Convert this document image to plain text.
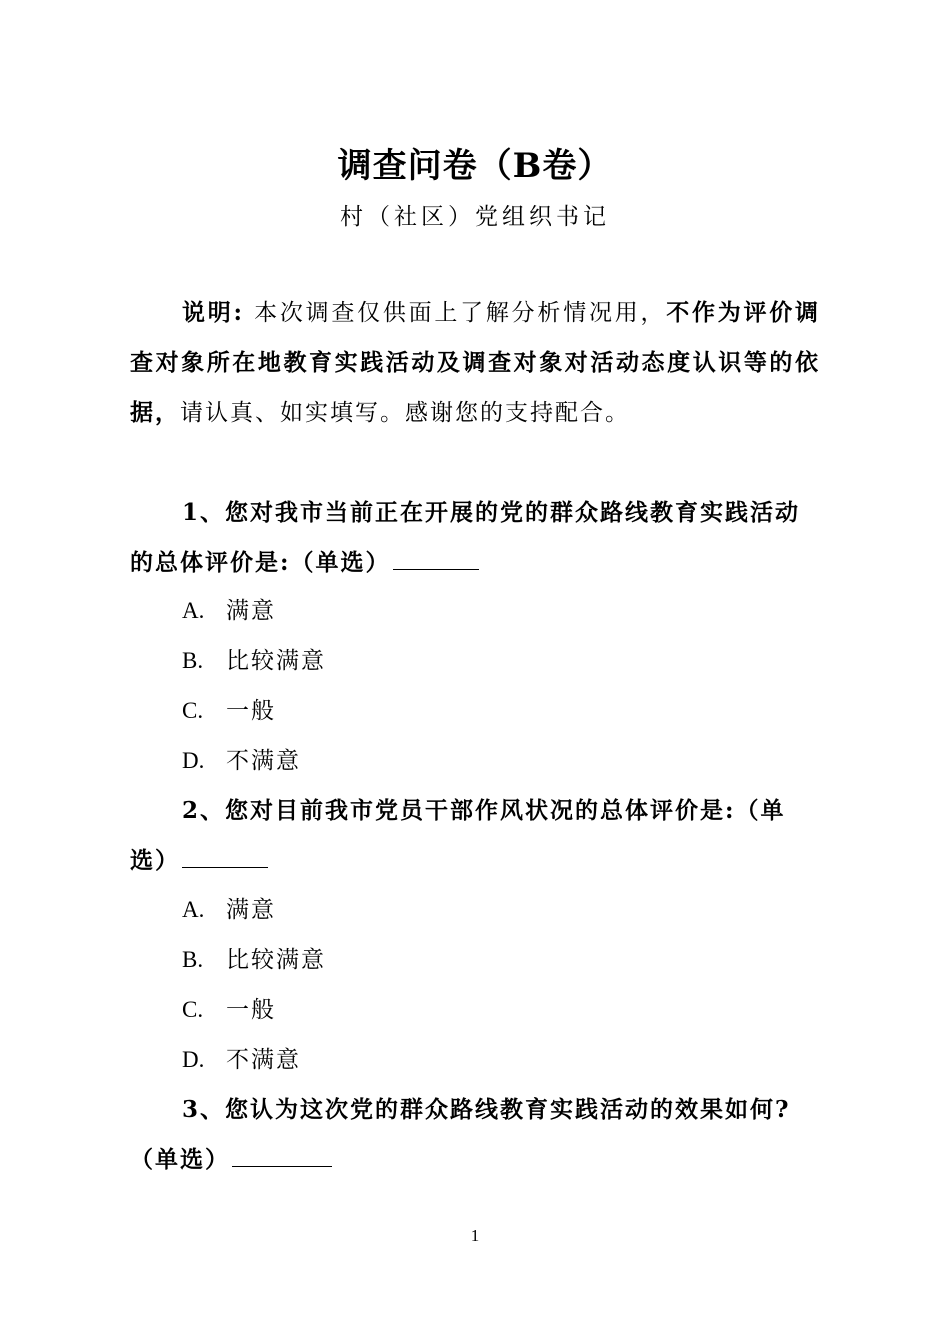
调查问卷（B卷）
村（社区）党组织书记

说明: 本次调查仅供面上了解分析情况用，不作为评价调查对象所在地教育实践活动及调查对象对活动态度认识等的依据，请认真、如实填写。感谢您的支持配合。

1、您对我市当前正在开展的党的群众路线教育实践活动的总体评价是:（单选）

A. 满意
B. 比较满意
C. 一般
D. 不满意

2、您对目前我市党员干部作风状况的总体评价是:（单选）

A. 满意
B. 比较满意
C. 一般
D. 不满意

3、您认为这次党的群众路线教育实践活动的效果如何?（单选）

1
